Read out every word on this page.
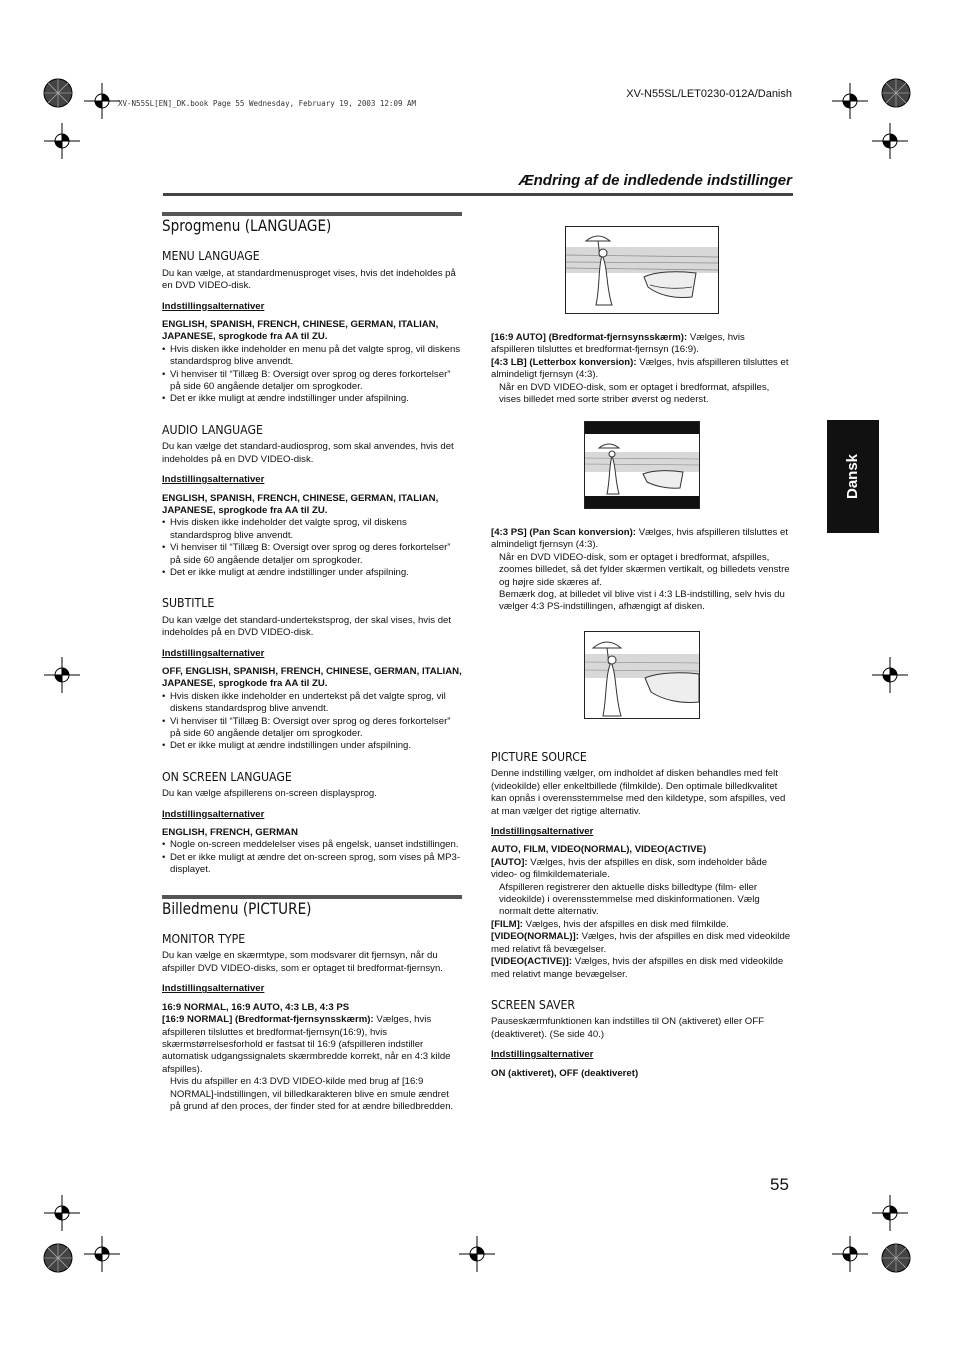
XV-N55SL/LET0230-012A/Danish
XV-N55SL[EN]_DK.book Page 55 Wednesday, February 19, 2003 12:09 AM
Ændring af de indledende indstillinger
Dansk
Sprogmenu (LANGUAGE)
MENU LANGUAGE

Du kan vælge, at standardmenusproget vises, hvis det indeholdes på en DVD VIDEO-disk.

Indstillingsalternativer

ENGLISH, SPANISH, FRENCH, CHINESE, GERMAN, ITALIAN, JAPANESE, sprogkode fra AA til ZU.

• Hvis disken ikke indeholder en menu på det valgte sprog, vil diskens standardsprog blive anvendt.
• Vi henviser til “Tillæg B: Oversigt over sprog og deres forkortelser” på side 60 angående detaljer om sprogkoder.
• Det er ikke muligt at ændre indstillinger under afspilning.
AUDIO LANGUAGE

Du kan vælge det standard-audiosprog, som skal anvendes, hvis det indeholdes på en DVD VIDEO-disk.

Indstillingsalternativer

ENGLISH, SPANISH, FRENCH, CHINESE, GERMAN, ITALIAN, JAPANESE, sprogkode fra AA til ZU.

• Hvis disken ikke indeholder det valgte sprog, vil diskens standardsprog blive anvendt.
• Vi henviser til “Tillæg B: Oversigt over sprog og deres forkortelser” på side 60 angående detaljer om sprogkoder.
• Det er ikke muligt at ændre indstillinger under afspilning.
SUBTITLE

Du kan vælge det standard-undertekstsprog, der skal vises, hvis det indeholdes på en DVD VIDEO-disk.

Indstillingsalternativer

OFF, ENGLISH, SPANISH, FRENCH, CHINESE, GERMAN, ITALIAN, JAPANESE, sprogkode fra AA til ZU.

• Hvis disken ikke indeholder en undertekst på det valgte sprog, vil diskens standardsprog blive anvendt.
• Vi henviser til “Tillæg B: Oversigt over sprog og deres forkortelser” på side 60 angående detaljer om sprogkoder.
• Det er ikke muligt at ændre indstillingen under afspilning.
ON SCREEN LANGUAGE

Du kan vælge afspillerens on-screen displaysprog.

Indstillingsalternativer

ENGLISH, FRENCH, GERMAN

• Nogle on-screen meddelelser vises på engelsk, uanset indstillingen.
• Det er ikke muligt at ændre det on-screen sprog, som vises på MP3-displayet.
Billedmenu (PICTURE)
MONITOR TYPE

Du kan vælge en skærmtype, som modsvarer dit fjernsyn, når du afspiller DVD VIDEO-disks, som er optaget til bredformat-fjernsyn.

Indstillingsalternativer

16:9 NORMAL, 16:9 AUTO, 4:3 LB, 4:3 PS

[16:9 NORMAL] (Bredformat-fjernsynsskærm): Vælges, hvis afspilleren tilsluttes et bredformat-fjernsyn(16:9), hvis skærmstørrelsesforhold er fastsat til 16:9 (afspilleren indstiller automatisk udgangssignalets skærmbredde korrekt, når en 4:3 kilde afspilles).

Hvis du afspiller en 4:3 DVD VIDEO-kilde med brug af [16:9 NORMAL]-indstillingen, vil billedkarakteren blive en smule ændret på grund af den proces, der finder sted for at ændre billedbredden.

[16:9 AUTO] (Bredformat-fjernsynsskærm): Vælges, hvis afspilleren tilsluttes et bredformat-fjernsyn (16:9).

[4:3 LB] (Letterbox konversion): Vælges, hvis afspilleren tilsluttes et almindeligt fjernsyn (4:3).

Når en DVD VIDEO-disk, som er optaget i bredformat, afspilles, vises billedet med sorte striber øverst og nederst.

[4:3 PS] (Pan Scan konversion): Vælges, hvis afspilleren tilsluttes et almindeligt fjernsyn (4:3).

Når en DVD VIDEO-disk, som er optaget i bredformat, afspilles, zoomes billedet, så det fylder skærmen vertikalt, og billedets venstre og højre side skæres af.

Bemærk dog, at billedet vil blive vist i 4:3 LB-indstilling, selv hvis du vælger 4:3 PS-indstillingen, afhængigt af disken.

PICTURE SOURCE

Denne indstilling vælger, om indholdet af disken behandles med felt (videokilde) eller enkeltbillede (filmkilde). Den optimale billedkvalitet kan opnås i overensstemmelse med den kildetype, som afspilles, ved at man vælger det rigtige alternativ.

Indstillingsalternativer

AUTO, FILM, VIDEO(NORMAL), VIDEO(ACTIVE)

[AUTO]: Vælges, hvis der afspilles en disk, som indeholder både video- og filmkildemateriale.

Afspilleren registrerer den aktuelle disks billedtype (film- eller videokilde) i overensstemmelse med diskinformationen. Vælg normalt dette alternativ.

[FILM]: Vælges, hvis der afspilles en disk med filmkilde.

[VIDEO(NORMAL)]: Vælges, hvis der afspilles en disk med videokilde med relativt få bevægelser.

[VIDEO(ACTIVE)]: Vælges, hvis der afspilles en disk med videokilde med relativt mange bevægelser.

SCREEN SAVER

Pauseskærmfunktionen kan indstilles til ON (aktiveret) eller OFF (deaktiveret). (Se side 40.)

Indstillingsalternativer

ON (aktiveret), OFF (deaktiveret)

55
